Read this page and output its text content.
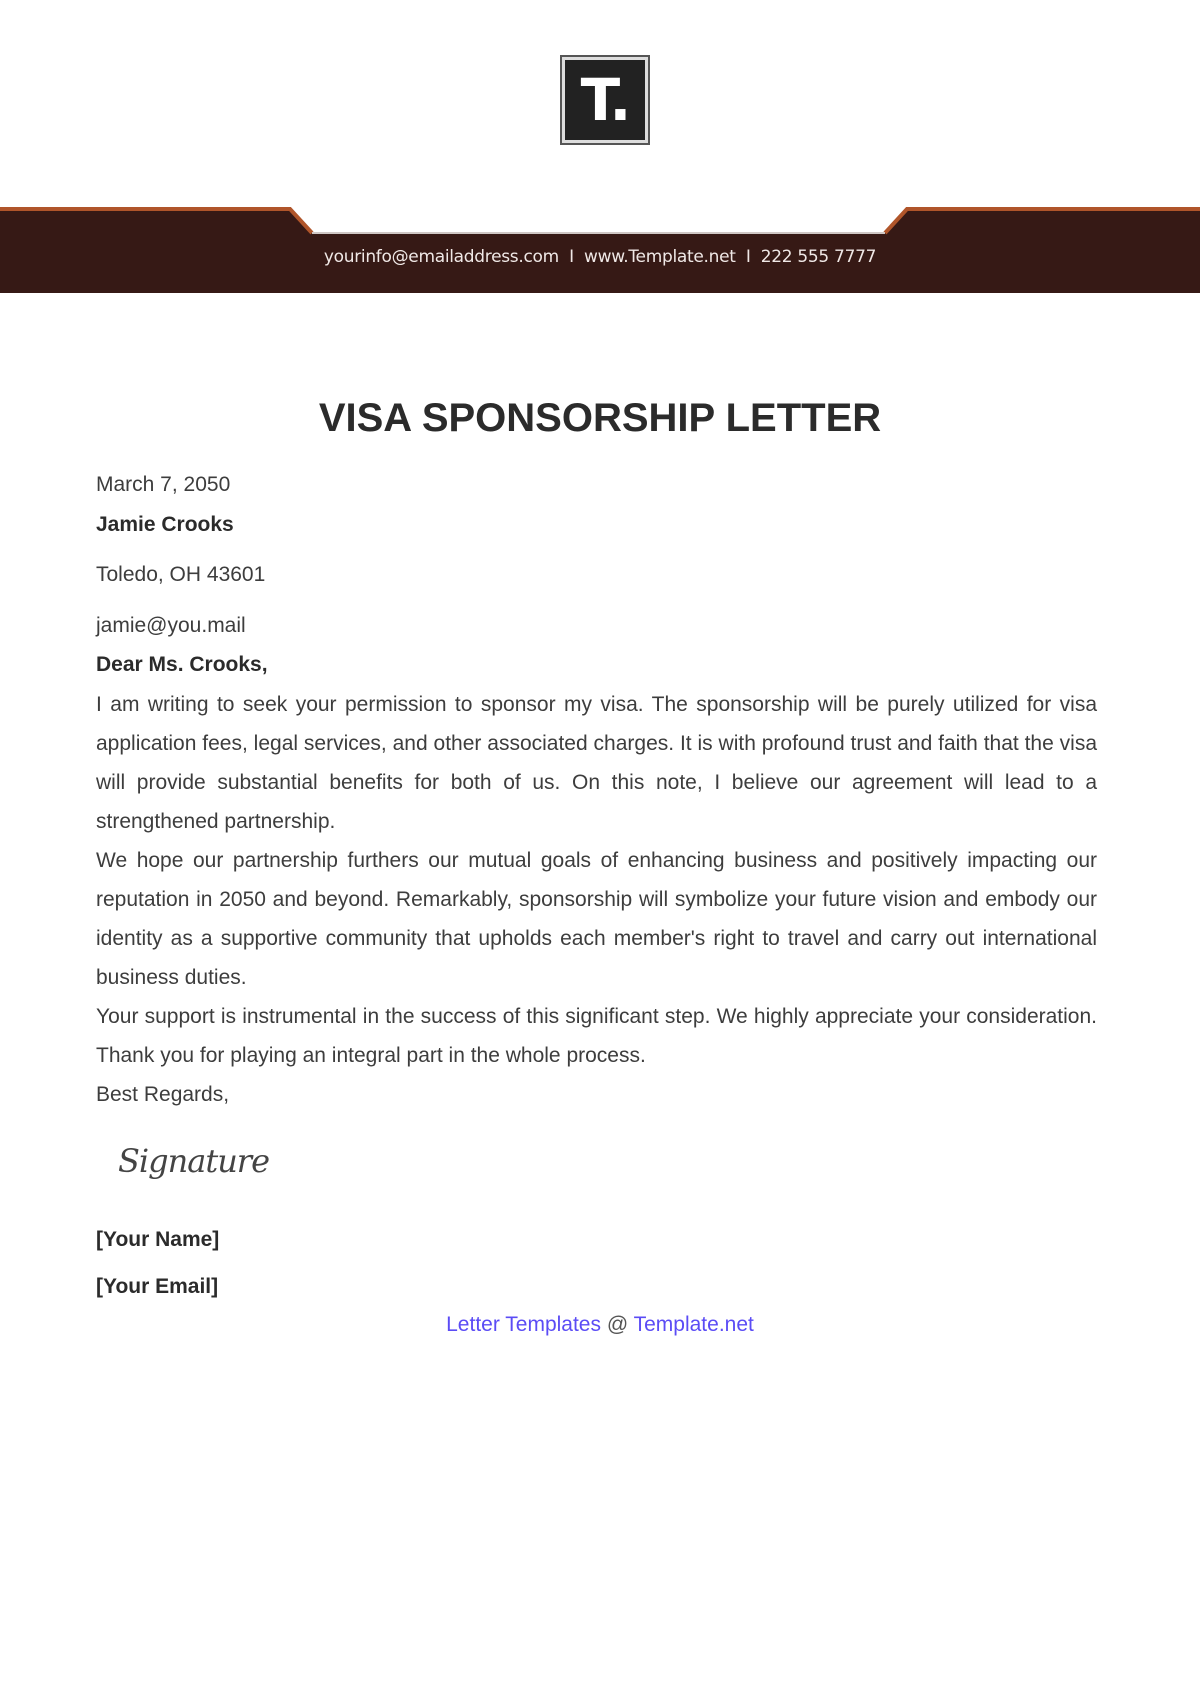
T.
yourinfo@emailaddress.com  I  www.Template.net  I  222 555 7777
VISA SPONSORSHIP LETTER
March 7, 2050
Jamie Crooks
Toledo, OH 43601
jamie@you.mail
Dear Ms. Crooks,
I am writing to seek your permission to sponsor my visa. The sponsorship will be purely utilized for visa application fees, legal services, and other associated charges. It is with profound trust and faith that the visa will provide substantial benefits for both of us. On this note, I believe our agreement will lead to a strengthened partnership.
We hope our partnership furthers our mutual goals of enhancing business and positively impacting our reputation in 2050 and beyond. Remarkably, sponsorship will symbolize your future vision and embody our identity as a supportive community that upholds each member's right to travel and carry out international business duties.
Your support is instrumental in the success of this significant step. We highly appreciate your consideration. Thank you for playing an integral part in the whole process.
Best Regards,
Signature
[Your Name]
[Your Email]
Letter Templates @ Template.net
